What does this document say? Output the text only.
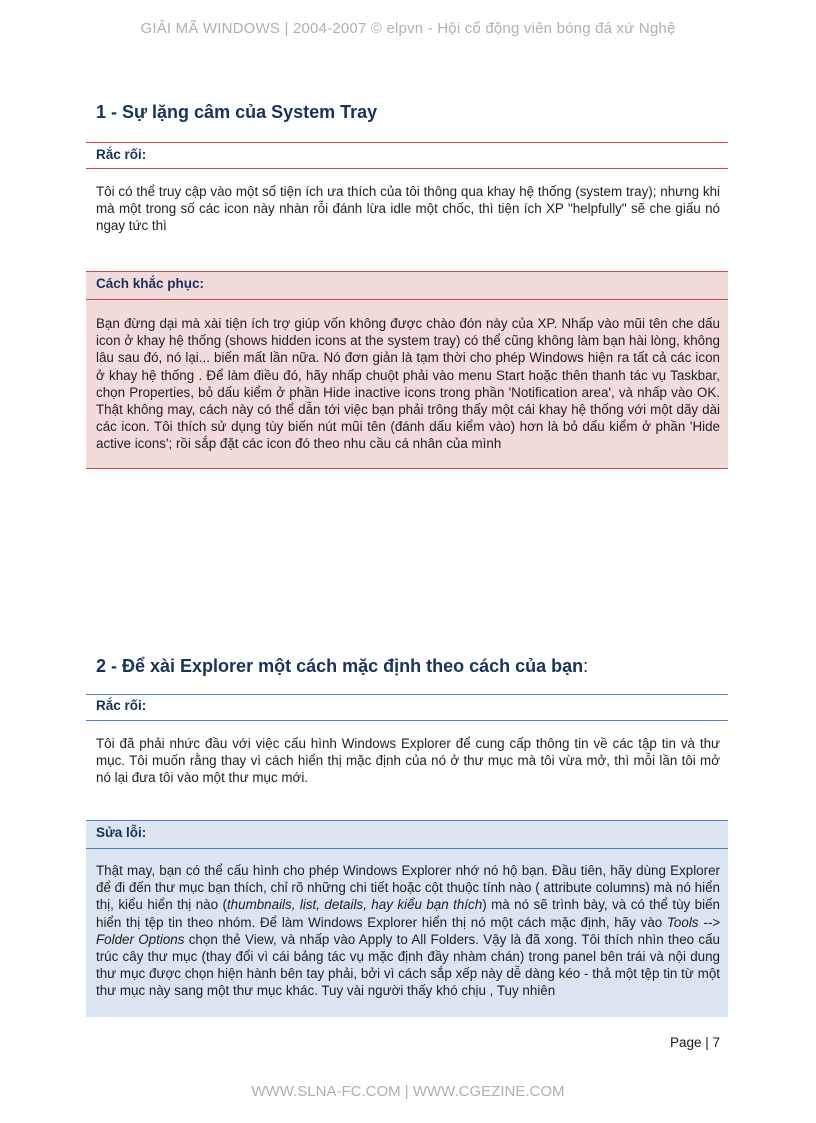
GIẢI MÃ WINDOWS | 2004-2007 © elpvn - Hội cổ động viên bóng đá xứ Nghệ
1 - Sự lặng câm của System Tray
Rắc rối:
Tôi có thể truy cập vào một số tiện ích ưa thích của tôi thông qua khay hệ thống (system tray); nhưng khi mà một trong số các icon này nhàn rỗi đánh lừa idle một chốc, thì tiện ích XP "helpfully" sẽ che giấu nó ngay tức thì
Cách khắc phục:
Bạn đừng dại mà xài tiện ích trợ giúp vốn không được chào đón này của XP. Nhấp vào mũi tên che dấu icon ở khay hệ thống (shows hidden icons at the system tray) có thể cũng không làm bạn hài lòng, không lâu sau đó, nó lại... biến mất lần nữa. Nó đơn giản là tạm thời cho phép Windows hiện ra tất cả các icon ở khay hệ thống . Để làm điều đó, hãy nhấp chuột phải vào menu Start hoặc thên thanh tác vụ Taskbar, chọn Properties, bỏ dấu kiểm ở phần Hide inactive icons trong phần 'Notification area', và nhấp vào OK. Thật không may, cách này có thể dẫn tới việc bạn phải trông thấy một cái khay hệ thống với một dãy dài các icon. Tôi thích sử dụng tùy biến nút mũi tên (đánh dấu kiểm vào) hơn là bỏ dấu kiểm ở phần 'Hide active icons'; rồi sắp đặt các icon đó theo nhu cầu cá nhân của mình
2 - Để xài Explorer một cách mặc định theo cách của bạn:
Rắc rối:
Tôi đã phải nhức đầu với việc cấu hình Windows Explorer để cung cấp thông tin về các tập tin và thư mục. Tôi muốn rằng thay vì cách hiển thị mặc định của nó ở thư mục mà tôi vừa mở, thì mỗi lần tôi mở nó lại đưa tôi vào một thư mục mới.
Sửa lỗi:
Thật may, bạn có thể cấu hình cho phép Windows Explorer nhớ nó hộ bạn. Đầu tiên, hãy dùng Explorer để đi đến thư mục bạn thích, chỉ rõ những chi tiết hoặc cột thuộc tính nào ( attribute columns) mà nó hiển thị, kiểu hiển thị nào (thumbnails, list, details, hay kiểu bạn thích) mà nó sẽ trình bày, và có thể tùy biến hiển thị tệp tin theo nhóm. Để làm Windows Explorer hiển thị nó một cách mặc định, hãy vào Tools --> Folder Options chọn thẻ View, và nhấp vào Apply to All Folders. Vậy là đã xong. Tôi thích nhìn theo cấu trúc cây thư mục (thay đổi vì cái bảng tác vụ mặc định đầy nhàm chán) trong panel bên trái và nội dung thư mục được chọn hiện hành bên tay phải, bởi vì cách sắp xếp này dễ dàng kéo - thả một tệp tin từ một thư mục này sang một thư mục khác. Tuy vài người thấy khó chịu , Tuy nhiên
Page | 7
WWW.SLNA-FC.COM | WWW.CGEZINE.COM
